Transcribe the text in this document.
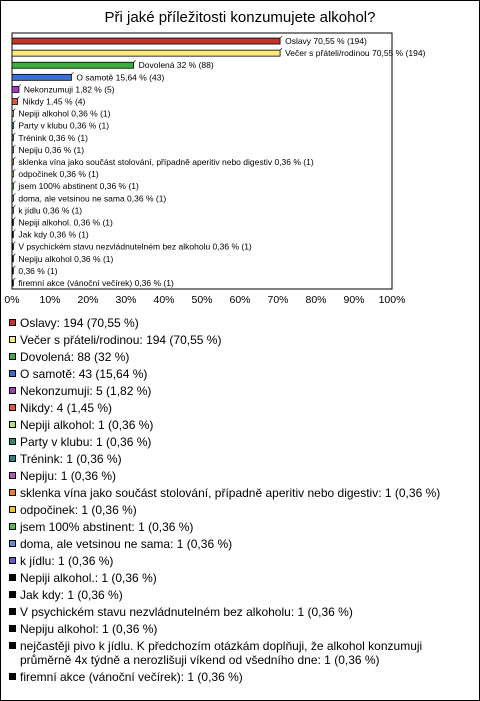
Při jaké příležitosti konzumujete alkohol?
Oslavy 70,55 % (194)
Večer s přáteli/rodinou 70,55 % (194)
Dovolená 32 % (88)
O samotě 15,64 % (43)
Nekonzumuji 1,82 % (5)
Nikdy 1,45 % (4)
Nepiji alkohol 0,36 % (1)
Party v klubu 0,36 % (1)
Trénink 0,36 % (1)
Nepiju 0,36 % (1)
sklenka vína jako součást stolování, případně aperitiv nebo digestiv 0,36 % (1)
odpočinek 0,36 % (1)
jsem 100% abstinent 0,36 % (1)
doma, ale vetsinou ne sama 0,36 % (1)
k jídlu 0,36 % (1)
Nepiji alkohol. 0,36 % (1)
Jak kdy 0,36 % (1)
V psychickém stavu nezvládnutelném bez alkoholu 0,36 % (1)
Nepiju alkohol 0,36 % (1)
0,36 % (1)
firemní akce (vánoční večírek) 0,36 % (1)
0% 10% 20% 30% 40% 50% 60% 70% 80% 90% 100%
Oslavy: 194 (70,55 %)
Večer s přáteli/rodinou: 194 (70,55 %)
Dovolená: 88 (32 %)
O samotě: 43 (15,64 %)
Nekonzumuji: 5 (1,82 %)
Nikdy: 4 (1,45 %)
Nepiji alkohol: 1 (0,36 %)
Party v klubu: 1 (0,36 %)
Trénink: 1 (0,36 %)
Nepiju: 1 (0,36 %)
sklenka vína jako součást stolování, případně aperitiv nebo digestiv: 1 (0,36 %)
odpočinek: 1 (0,36 %)
jsem 100% abstinent: 1 (0,36 %)
doma, ale vetsinou ne sama: 1 (0,36 %)
k jídlu: 1 (0,36 %)
Nepiji alkohol.: 1 (0,36 %)
Jak kdy: 1 (0,36 %)
V psychickém stavu nezvládnutelném bez alkoholu: 1 (0,36 %)
Nepiju alkohol: 1 (0,36 %)
nejčastěji pivo k jídlu. K předchozím otázkám doplňuji, že alkohol konzumuji průměrně 4x týdně a nerozlišuji víkend od všedního dne: 1 (0,36 %)
firemní akce (vánoční večírek): 1 (0,36 %)
